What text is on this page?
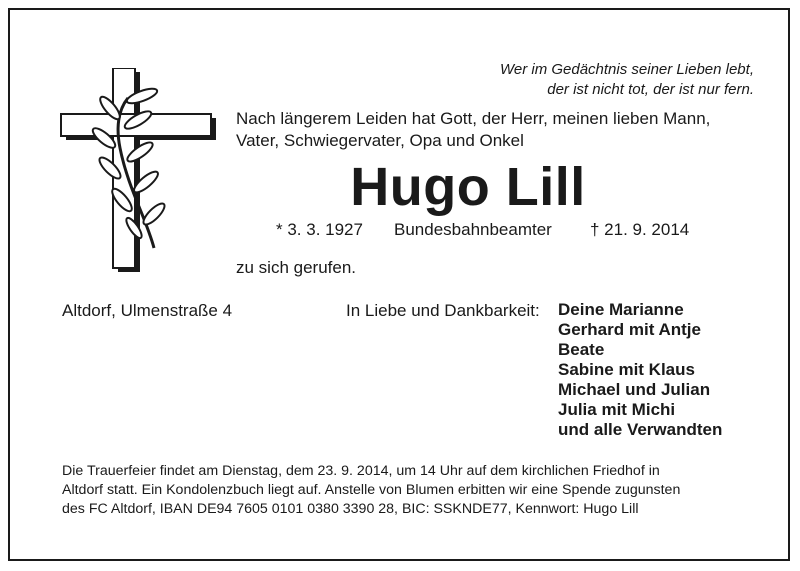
Wer im Gedächtnis seiner Lieben lebt,
der ist nicht tot, der ist nur fern.
Nach längerem Leiden hat Gott, der Herr, meinen lieben Mann,
Vater, Schwiegervater, Opa und Onkel
Hugo Lill
* 3. 3. 1927 Bundesbahnbeamter † 21. 9. 2014
zu sich gerufen.
Altdorf, Ulmenstraße 4	In Liebe und Dankbarkeit: Deine Marianne
Gerhard mit Antje
Beate
Sabine mit Klaus
Michael und Julian
Julia mit Michi
und alle Verwandten
Die Trauerfeier findet am Dienstag, dem 23. 9. 2014, um 14 Uhr auf dem kirchlichen Friedhof in
Altdorf statt. Ein Kondolenzbuch liegt auf. Anstelle von Blumen erbitten wir eine Spende zugunsten
des FC Altdorf, IBAN DE94 7605 0101 0380 3390 28, BIC: SSKNDE77, Kennwort: Hugo Lill
